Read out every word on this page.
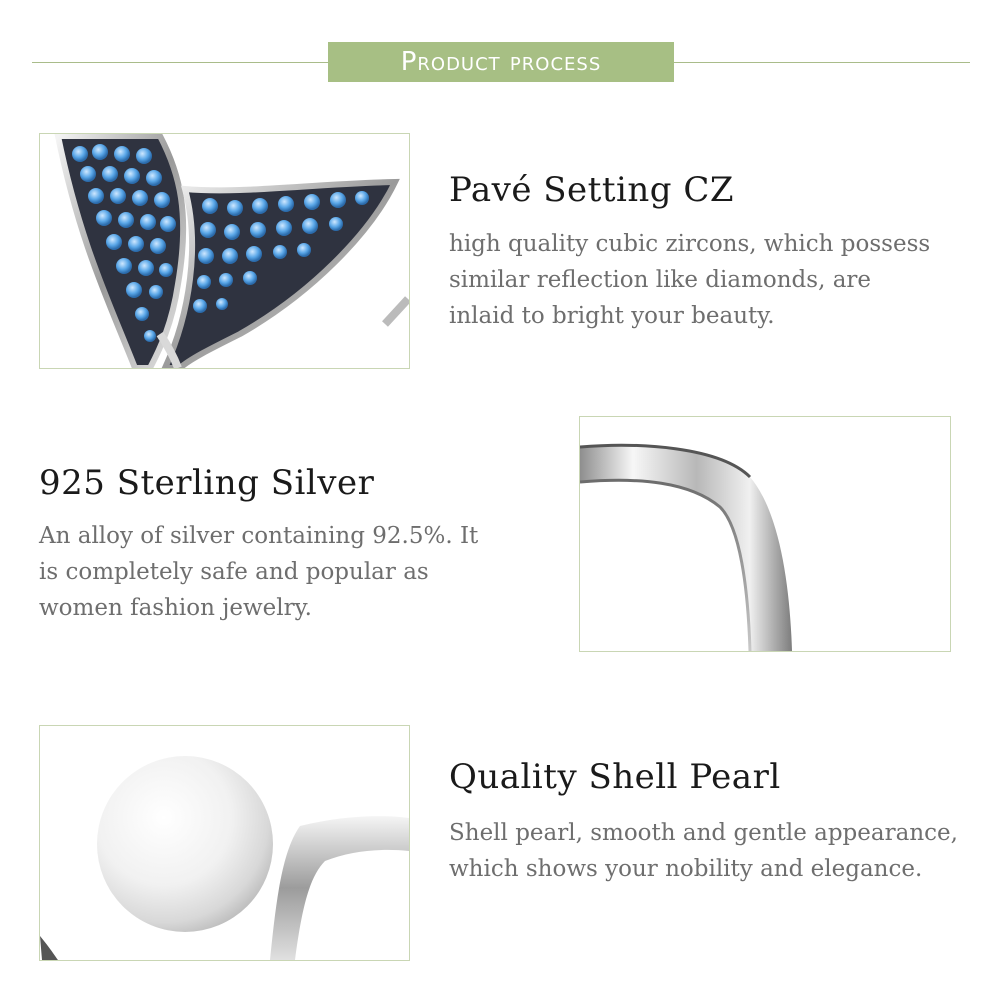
Product process
Pavé Setting CZ
high quality cubic zircons, which possess
similar reflection like diamonds, are
inlaid to bright your beauty.
925 Sterling Silver
An alloy of silver containing 92.5%. It
is completely safe and popular as
women fashion jewelry.
Quality Shell Pearl
Shell pearl, smooth and gentle appearance,
which shows your nobility and elegance.
